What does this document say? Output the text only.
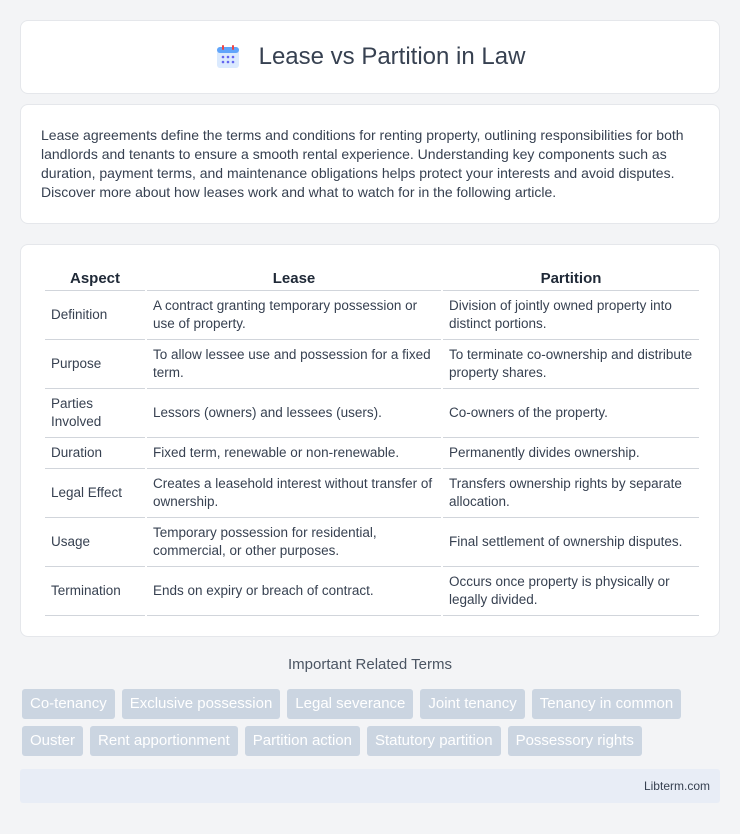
Lease vs Partition in Law

Lease agreements define the terms and conditions for renting property, outlining responsibilities for both landlords and tenants to ensure a smooth rental experience. Understanding key components such as duration, payment terms, and maintenance obligations helps protect your interests and avoid disputes. Discover more about how leases work and what to watch for in the following article.

Aspect	Lease	Partition
Definition	A contract granting temporary possession or use of property.	Division of jointly owned property into distinct portions.
Purpose	To allow lessee use and possession for a fixed term.	To terminate co-ownership and distribute property shares.
Parties Involved	Lessors (owners) and lessees (users).	Co-owners of the property.
Duration	Fixed term, renewable or non-renewable.	Permanently divides ownership.
Legal Effect	Creates a leasehold interest without transfer of ownership.	Transfers ownership rights by separate allocation.
Usage	Temporary possession for residential, commercial, or other purposes.	Final settlement of ownership disputes.
Termination	Ends on expiry or breach of contract.	Occurs once property is physically or legally divided.
Important Related Terms
Co-tenancy	Exclusive possession	Legal severance	Joint tenancy	Tenancy in common
Ouster	Rent apportionment	Partition action	Statutory partition	Possessory rights
Libterm.com
